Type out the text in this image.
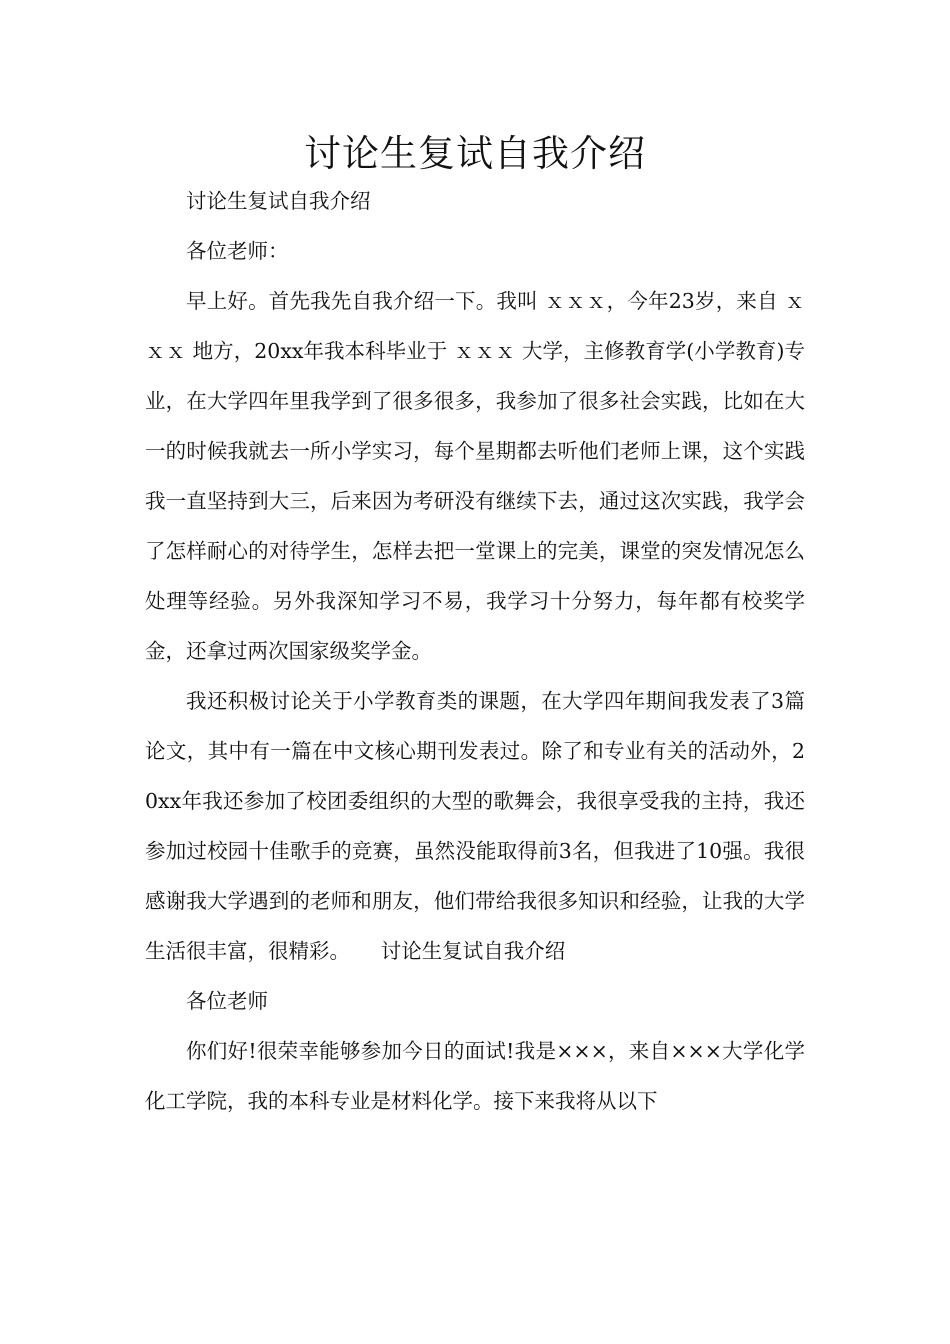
讨论生复试自我介绍

讨论生复试自我介绍

各位老师：

早上好。首先我先自我介绍一下。我叫 ｘｘｘ，今年23岁，来自 ｘｘｘ 地方，20xx年我本科毕业于 ｘｘｘ 大学，主修教育学(小学教育)专业，在大学四年里我学到了很多很多，我参加了很多社会实践，比如在大一的时候我就去一所小学实习，每个星期都去听他们老师上课，这个实践我一直坚持到大三，后来因为考研没有继续下去，通过这次实践，我学会了怎样耐心的对待学生，怎样去把一堂课上的完美，课堂的突发情况怎么处理等经验。另外我深知学习不易，我学习十分努力，每年都有校奖学金，还拿过两次国家级奖学金。

我还积极讨论关于小学教育类的课题，在大学四年期间我发表了3篇论文，其中有一篇在中文核心期刊发表过。除了和专业有关的活动外，20xx年我还参加了校团委组织的大型的歌舞会，我很享受我的主持，我还参加过校园十佳歌手的竞赛，虽然没能取得前3名，但我进了10强。我很感谢我大学遇到的老师和朋友，他们带给我很多知识和经验，让我的大学生活很丰富，很精彩。　　讨论生复试自我介绍

各位老师

你们好!很荣幸能够参加今日的面试!我是×××，来自×××大学化学化工学院，我的本科专业是材料化学。接下来我将从以下
